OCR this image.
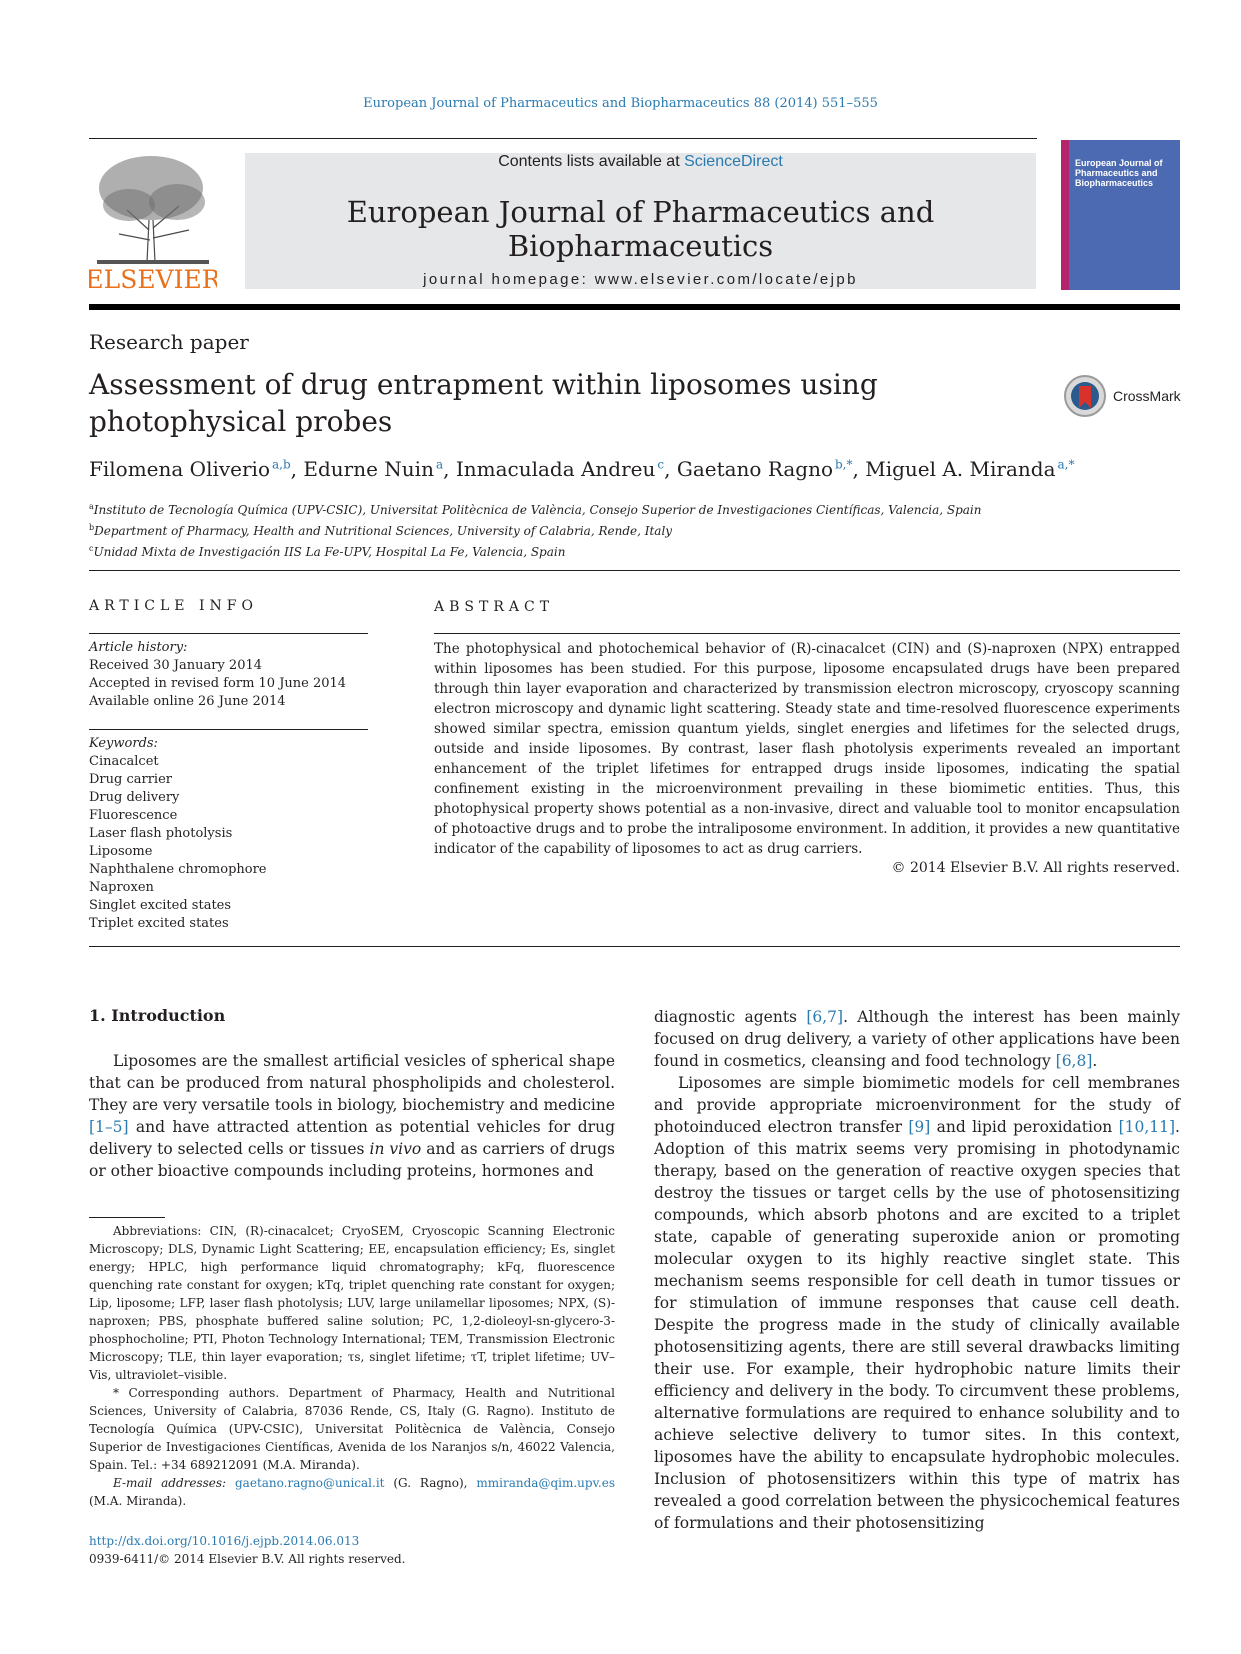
European Journal of Pharmaceutics and Biopharmaceutics 88 (2014) 551–555
ELSEVIER
Contents lists available at ScienceDirect
European Journal of Pharmaceutics and Biopharmaceutics
journal homepage: www.elsevier.com/locate/ejpb
European Journal of Pharmaceutics and Biopharmaceutics
Research paper
Assessment of drug entrapment within liposomes using photophysical probes
CrossMark
Filomena Oliverio  $^{a,b}$, Edurne Nuin  $^a$, Inmaculada Andreu  $^c$, Gaetano Ragno  $^{b,*}$, Miguel A. Miranda  $^{a,*}$
$^a$Instituto de Tecnología Química (UPV-CSIC), Universitat Politècnica de València, Consejo Superior de Investigaciones Científicas, Valencia, Spain
$^b$Department of Pharmacy, Health and Nutritional Sciences, University of Calabria, Rende, Italy
$^c$Unidad Mixta de Investigación IIS La Fe-UPV, Hospital La Fe, Valencia, Spain
ARTICLE INFO
Article history:
Received 30 January 2014
Accepted in revised form 10 June 2014
Available online 26 June 2014
Keywords:
Cinacalcet
Drug carrier
Drug delivery
Fluorescence
Laser flash photolysis
Liposome
Naphthalene chromophore
Naproxen
Singlet excited states
Triplet excited states
ABSTRACT
The photophysical and photochemical behavior of (R)-cinacalcet (CIN) and (S)-naproxen (NPX) entrapped within liposomes has been studied. For this purpose, liposome encapsulated drugs have been prepared through thin layer evaporation and characterized by transmission electron microscopy, cryoscopy scanning electron microscopy and dynamic light scattering. Steady state and time-resolved fluorescence experiments showed similar spectra, emission quantum yields, singlet energies and lifetimes for the selected drugs, outside and inside liposomes. By contrast, laser flash photolysis experiments revealed an important enhancement of the triplet lifetimes for entrapped drugs inside liposomes, indicating the spatial confinement existing in the microenvironment prevailing in these biomimetic entities. Thus, this photophysical property shows potential as a non-invasive, direct and valuable tool to monitor encapsulation of photoactive drugs and to probe the intraliposome environment. In addition, it provides a new quantitative indicator of the capability of liposomes to act as drug carriers.
© 2014 Elsevier B.V. All rights reserved.
1. Introduction
Liposomes are the smallest artificial vesicles of spherical shape that can be produced from natural phospholipids and cholesterol. They are very versatile tools in biology, biochemistry and medicine [1–5] and have attracted attention as potential vehicles for drug delivery to selected cells or tissues in vivo and as carriers of drugs or other bioactive compounds including proteins, hormones and

diagnostic agents [6,7]. Although the interest has been mainly focused on drug delivery, a variety of other applications have been found in cosmetics, cleansing and food technology [6,8].

Liposomes are simple biomimetic models for cell membranes and provide appropriate microenvironment for the study of photoinduced electron transfer [9] and lipid peroxidation [10,11]. Adoption of this matrix seems very promising in photodynamic therapy, based on the generation of reactive oxygen species that destroy the tissues or target cells by the use of photosensitizing compounds, which absorb photons and are excited to a triplet state, capable of generating superoxide anion or promoting molecular oxygen to its highly reactive singlet state. This mechanism seems responsible for cell death in tumor tissues or for stimulation of immune responses that cause cell death. Despite the progress made in the study of clinically available photosensitizing agents, there are still several drawbacks limiting their use. For example, their hydrophobic nature limits their efficiency and delivery in the body. To circumvent these problems, alternative formulations are required to enhance solubility and to achieve selective delivery to tumor sites. In this context, liposomes have the ability to encapsulate hydrophobic molecules. Inclusion of photosensitizers within this type of matrix has revealed a good correlation between the physicochemical features of formulations and their photosensitizing

Abbreviations: CIN, (R)-cinacalcet; CryoSEM, Cryoscopic Scanning Electronic Microscopy; DLS, Dynamic Light Scattering; EE, encapsulation efficiency; Es, singlet energy; HPLC, high performance liquid chromatography; kFq, fluorescence quenching rate constant for oxygen; kTq, triplet quenching rate constant for oxygen; Lip, liposome; LFP, laser flash photolysis; LUV, large unilamellar liposomes; NPX, (S)-naproxen; PBS, phosphate buffered saline solution; PC, 1,2-dioleoyl-sn-glycero-3-phosphocholine; PTI, Photon Technology International; TEM, Transmission Electronic Microscopy; TLE, thin layer evaporation; τs, singlet lifetime; τT, triplet lifetime; UV–Vis, ultraviolet–visible.

* Corresponding authors. Department of Pharmacy, Health and Nutritional Sciences, University of Calabria, 87036 Rende, CS, Italy (G. Ragno). Instituto de Tecnología Química (UPV-CSIC), Universitat Politècnica de València, Consejo Superior de Investigaciones Científicas, Avenida de los Naranjos s/n, 46022 Valencia, Spain. Tel.: +34 689212091 (M.A. Miranda).

E-mail addresses: gaetano.ragno@unical.it (G. Ragno), mmiranda@qim.upv.es (M.A. Miranda).

http://dx.doi.org/10.1016/j.ejpb.2014.06.013
0939-6411/© 2014 Elsevier B.V. All rights reserved.
